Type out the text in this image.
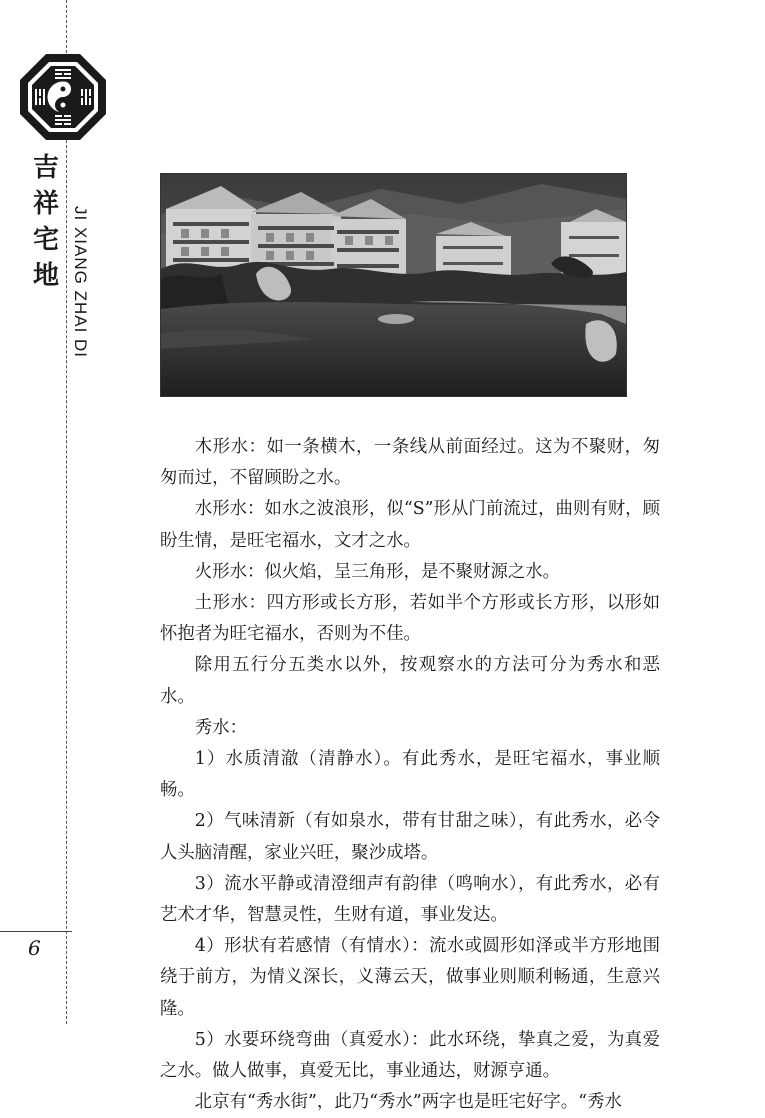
吉
祥
宅
地 JI XIANG ZHAI DI

木形水：如一条横木，一条线从前面经过。这为不聚财，匆匆而过，不留顾盼之水。

水形水：如水之波浪形，似“S”形从门前流过，曲则有财，顾盼生情，是旺宅福水，文才之水。

火形水：似火焰，呈三角形，是不聚财源之水。

土形水：四方形或长方形，若如半个方形或长方形，以形如怀抱者为旺宅福水，否则为不佳。

除用五行分五类水以外，按观察水的方法可分为秀水和恶水。

秀水：

1）水质清澈（清静水）。有此秀水，是旺宅福水，事业顺畅。

2）气味清新（有如泉水，带有甘甜之味），有此秀水，必令人头脑清醒，家业兴旺，聚沙成塔。

3）流水平静或清澄细声有韵律（鸣响水），有此秀水，必有艺术才华，智慧灵性，生财有道，事业发达。

4）形状有若感情（有情水）：流水或圆形如泽或半方形地围绕于前方，为情义深长，义薄云天，做事业则顺利畅通，生意兴隆。

5）水要环绕弯曲（真爱水）：此水环绕，挚真之爱，为真爱之水。做人做事，真爱无比，事业通达，财源亨通。

北京有“秀水街”，此乃“秀水”两字也是旺宅好字。“秀水

6
